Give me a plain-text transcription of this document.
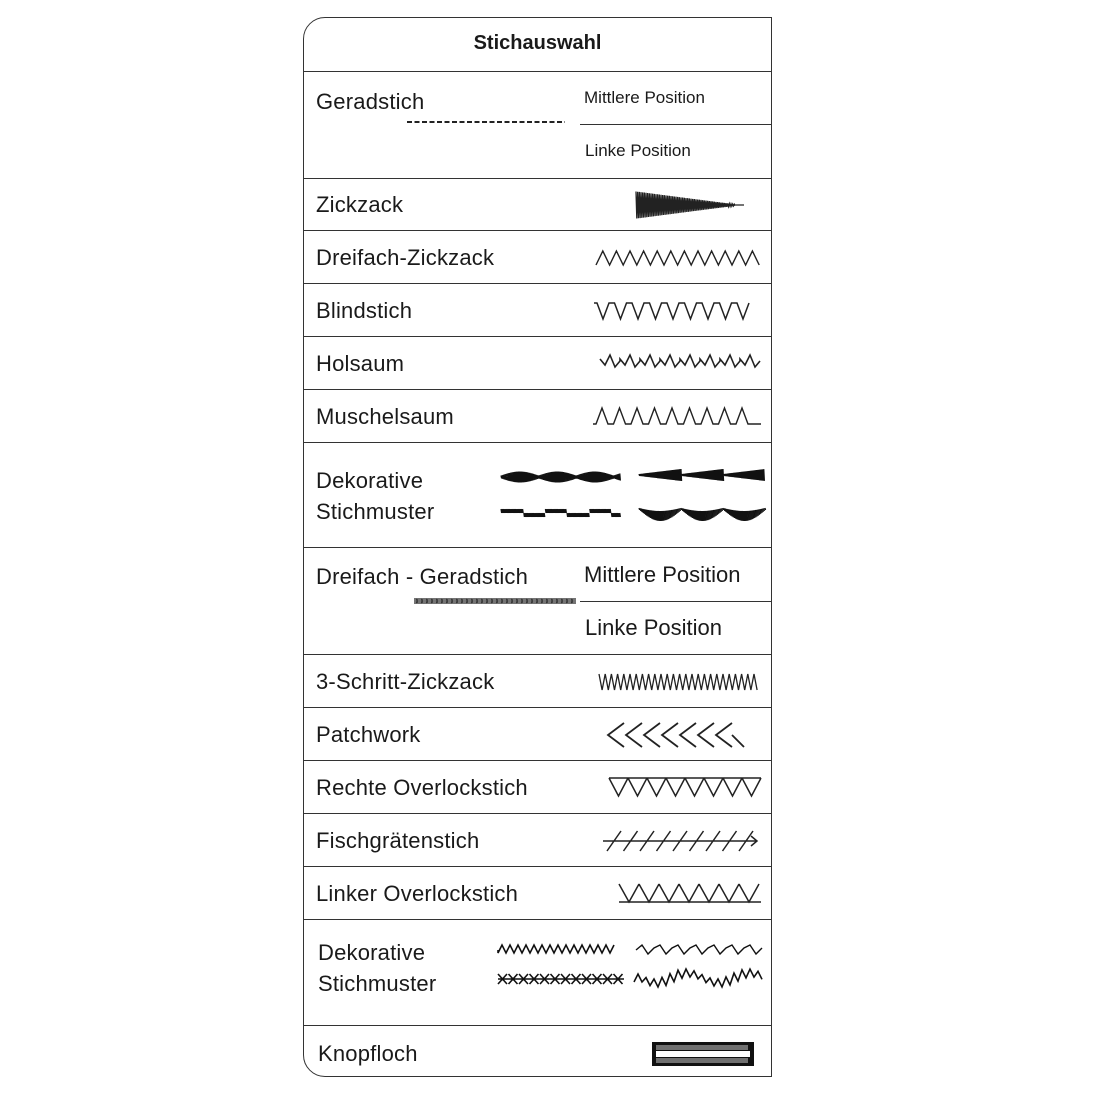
Stichauswahl
Geradstich	Mittlere Position
Linke Position
Zickzack
Dreifach-Zickzack
Blindstich
Holsaum
Muschelsaum
Dekorative
Stichmuster
Dreifach - Geradstich	Mittlere Position
Linke Position
3-Schritt-Zickzack
Patchwork
Rechte Overlockstich
Fischgrätenstich
Linker Overlockstich
Dekorative
Stichmuster
Knopfloch
